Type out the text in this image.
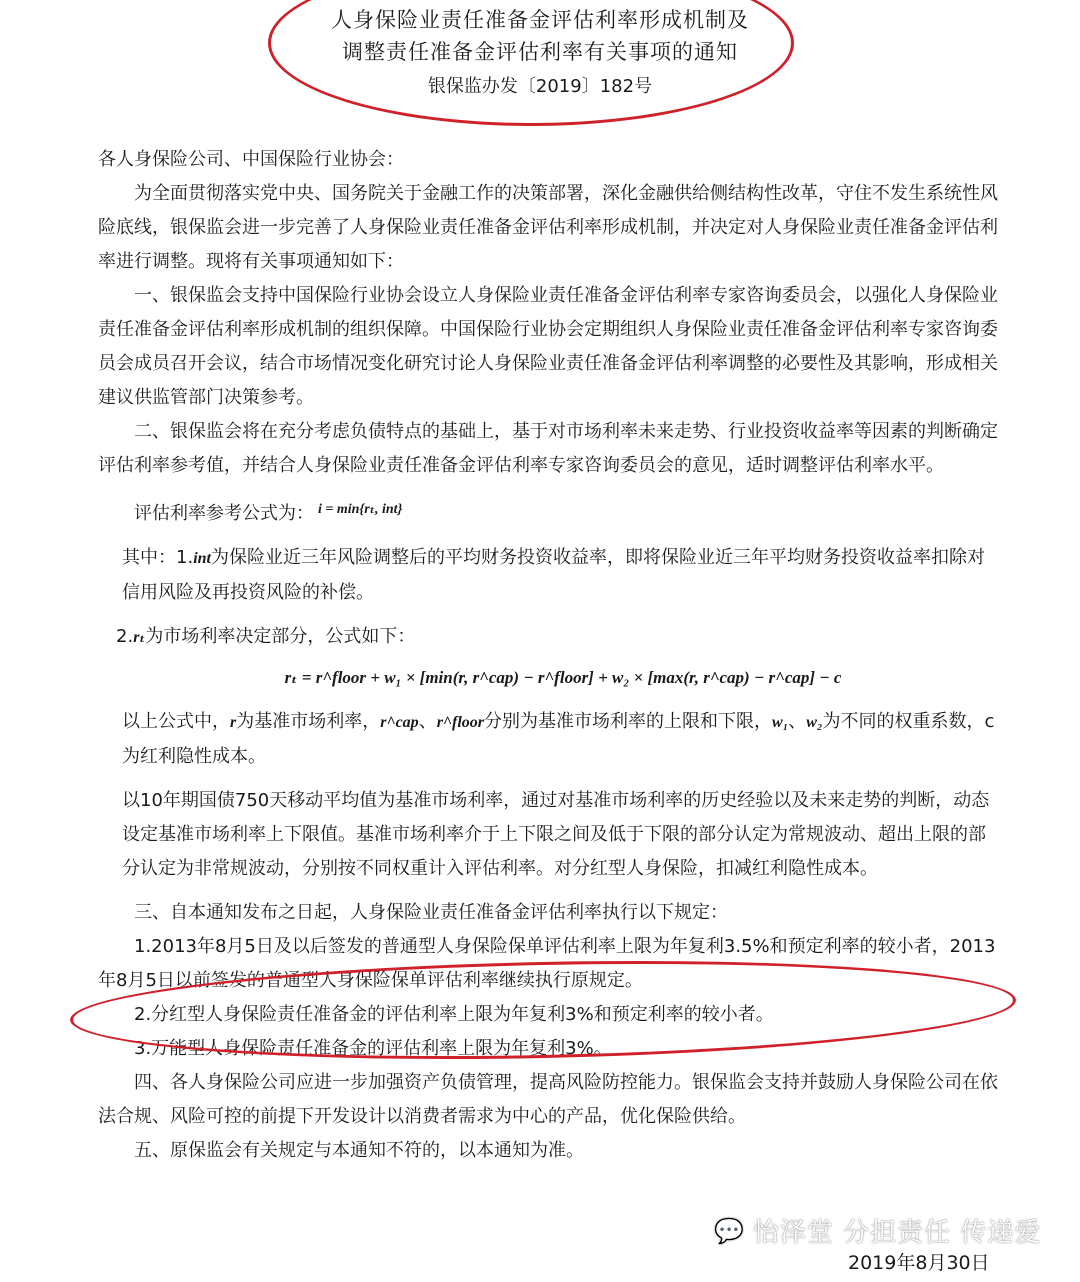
人身保险业责任准备金评估利率形成机制及
调整责任准备金评估利率有关事项的通知
银保监办发〔2019〕182号

各人身保险公司、中国保险行业协会：

为全面贯彻落实党中央、国务院关于金融工作的决策部署，深化金融供给侧结构性改革，守住不发生系统性风险底线，银保监会进一步完善了人身保险业责任准备金评估利率形成机制，并决定对人身保险业责任准备金评估利率进行调整。现将有关事项通知如下：

一、银保监会支持中国保险行业协会设立人身保险业责任准备金评估利率专家咨询委员会，以强化人身保险业责任准备金评估利率形成机制的组织保障。中国保险行业协会定期组织人身保险业责任准备金评估利率专家咨询委员会成员召开会议，结合市场情况变化研究讨论人身保险业责任准备金评估利率调整的必要性及其影响，形成相关建议供监管部门决策参考。

二、银保监会将在充分考虑负债特点的基础上，基于对市场利率未来走势、行业投资收益率等因素的判断确定评估利率参考值，并结合人身保险业责任准备金评估利率专家咨询委员会的意见，适时调整评估利率水平。

评估利率参考公式为： $^{i = min\{r_t, int\}}$

其中：1.int为保险业近三年风险调整后的平均财务投资收益率，即将保险业近三年平均财务投资收益率扣除对信用风险及再投资风险的补偿。

2.rₜ为市场利率决定部分，公式如下：

rₜ = r^floor + w₁ × [min(r, r^cap) − r^floor] + w₂ × [max(r, r^cap) − r^cap] − c

以上公式中，r为基准市场利率，r^cap、r^floor分别为基准市场利率的上限和下限，w₁、w₂为不同的权重系数，c为红利隐性成本。

以10年期国债750天移动平均值为基准市场利率，通过对基准市场利率的历史经验以及未来走势的判断，动态设定基准市场利率上下限值。基准市场利率介于上下限之间及低于下限的部分认定为常规波动、超出上限的部分认定为非常规波动，分别按不同权重计入评估利率。对分红型人身保险，扣减红利隐性成本。

三、自本通知发布之日起，人身保险业责任准备金评估利率执行以下规定：

1.2013年8月5日及以后签发的普通型人身保险保单评估利率上限为年复利3.5%和预定利率的较小者，2013年8月5日以前签发的普通型人身保险保单评估利率继续执行原规定。

2.分红型人身保险责任准备金的评估利率上限为年复利3%和预定利率的较小者。

3.万能型人身保险责任准备金的评估利率上限为年复利3%。

四、各人身保险公司应进一步加强资产负债管理，提高风险防控能力。银保监会支持并鼓励人身保险公司在依法合规、风险可控的前提下开发设计以消费者需求为中心的产品，优化保险供给。

五、原保监会有关规定与本通知不符的，以本通知为准。

💬 怡泽堂 分担责任 传递爱
2019年8月30日
